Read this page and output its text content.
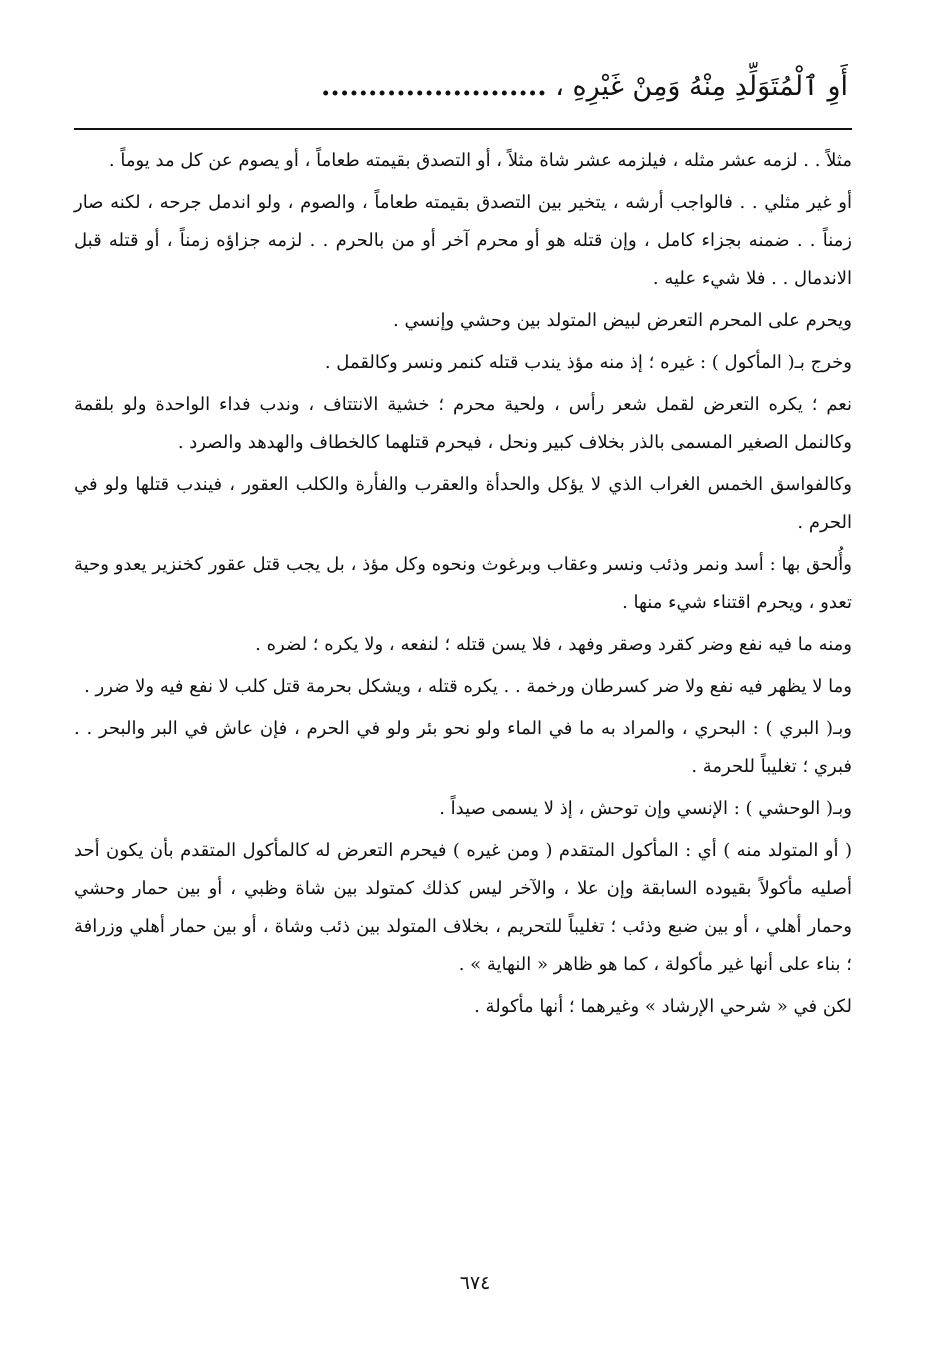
أَوِ ٱلْمُتَوَلِّدِ مِنْهُ وَمِنْ غَيْرِهِ ، ........................

مثلاً . . لزمه عشر مثله ، فيلزمه عشر شاة مثلاً ، أو التصدق بقيمته طعاماً ، أو يصوم عن كل مد يوماً .

أو غير مثلي . . فالواجب أرشه ، يتخير بين التصدق بقيمته طعاماً ، والصوم ، ولو اندمل جرحه ، لكنه صار زمناً . . ضمنه بجزاء كامل ، وإن قتله هو أو محرم آخر أو من بالحرم . . لزمه جزاؤه زمناً ، أو قتله قبل الاندمال . . فلا شيء عليه .

ويحرم على المحرم التعرض لبيض المتولد بين وحشي وإنسي .

وخرج بـ( المأكول ) : غيره ؛ إذ منه مؤذ يندب قتله كنمر ونسر وكالقمل .

نعم ؛ يكره التعرض لقمل شعر رأس ، ولحية محرم ؛ خشية الانتتاف ، وندب فداء الواحدة ولو بلقمة وكالنمل الصغير المسمى بالذر بخلاف كبير ونحل ، فيحرم قتلهما كالخطاف والهدهد والصرد .

وكالفواسق الخمس الغراب الذي لا يؤكل والحدأة والعقرب والفأرة والكلب العقور ، فيندب قتلها ولو في الحرم .

وأُلحق بها : أسد ونمر وذئب ونسر وعقاب وبرغوث ونحوه وكل مؤذ ، بل يجب قتل عقور كخنزير يعدو وحية تعدو ، ويحرم اقتناء شيء منها .

ومنه ما فيه نفع وضر كقرد وصقر وفهد ، فلا يسن قتله ؛ لنفعه ، ولا يكره ؛ لضره .

وما لا يظهر فيه نفع ولا ضر كسرطان ورخمة . . يكره قتله ، ويشكل بحرمة قتل كلب لا نفع فيه ولا ضرر .

وبـ( البري ) : البحري ، والمراد به ما في الماء ولو نحو بئر ولو في الحرم ، فإن عاش في البر والبحر . . فبري ؛ تغليباً للحرمة .

وبـ( الوحشي ) : الإنسي وإن توحش ، إذ لا يسمى صيداً .

( أو المتولد منه ) أي : المأكول المتقدم ( ومن غيره ) فيحرم التعرض له كالمأكول المتقدم بأن يكون أحد أصليه مأكولاً بقيوده السابقة وإن علا ، والآخر ليس كذلك كمتولد بين شاة وظبي ، أو بين حمار وحشي وحمار أهلي ، أو بين ضبع وذئب ؛ تغليباً للتحريم ، بخلاف المتولد بين ذئب وشاة ، أو بين حمار أهلي وزرافة ؛ بناء على أنها غير مأكولة ، كما هو ظاهر « النهاية » .

لكن في « شرحي الإرشاد » وغيرهما ؛ أنها مأكولة .

٦٧٤
